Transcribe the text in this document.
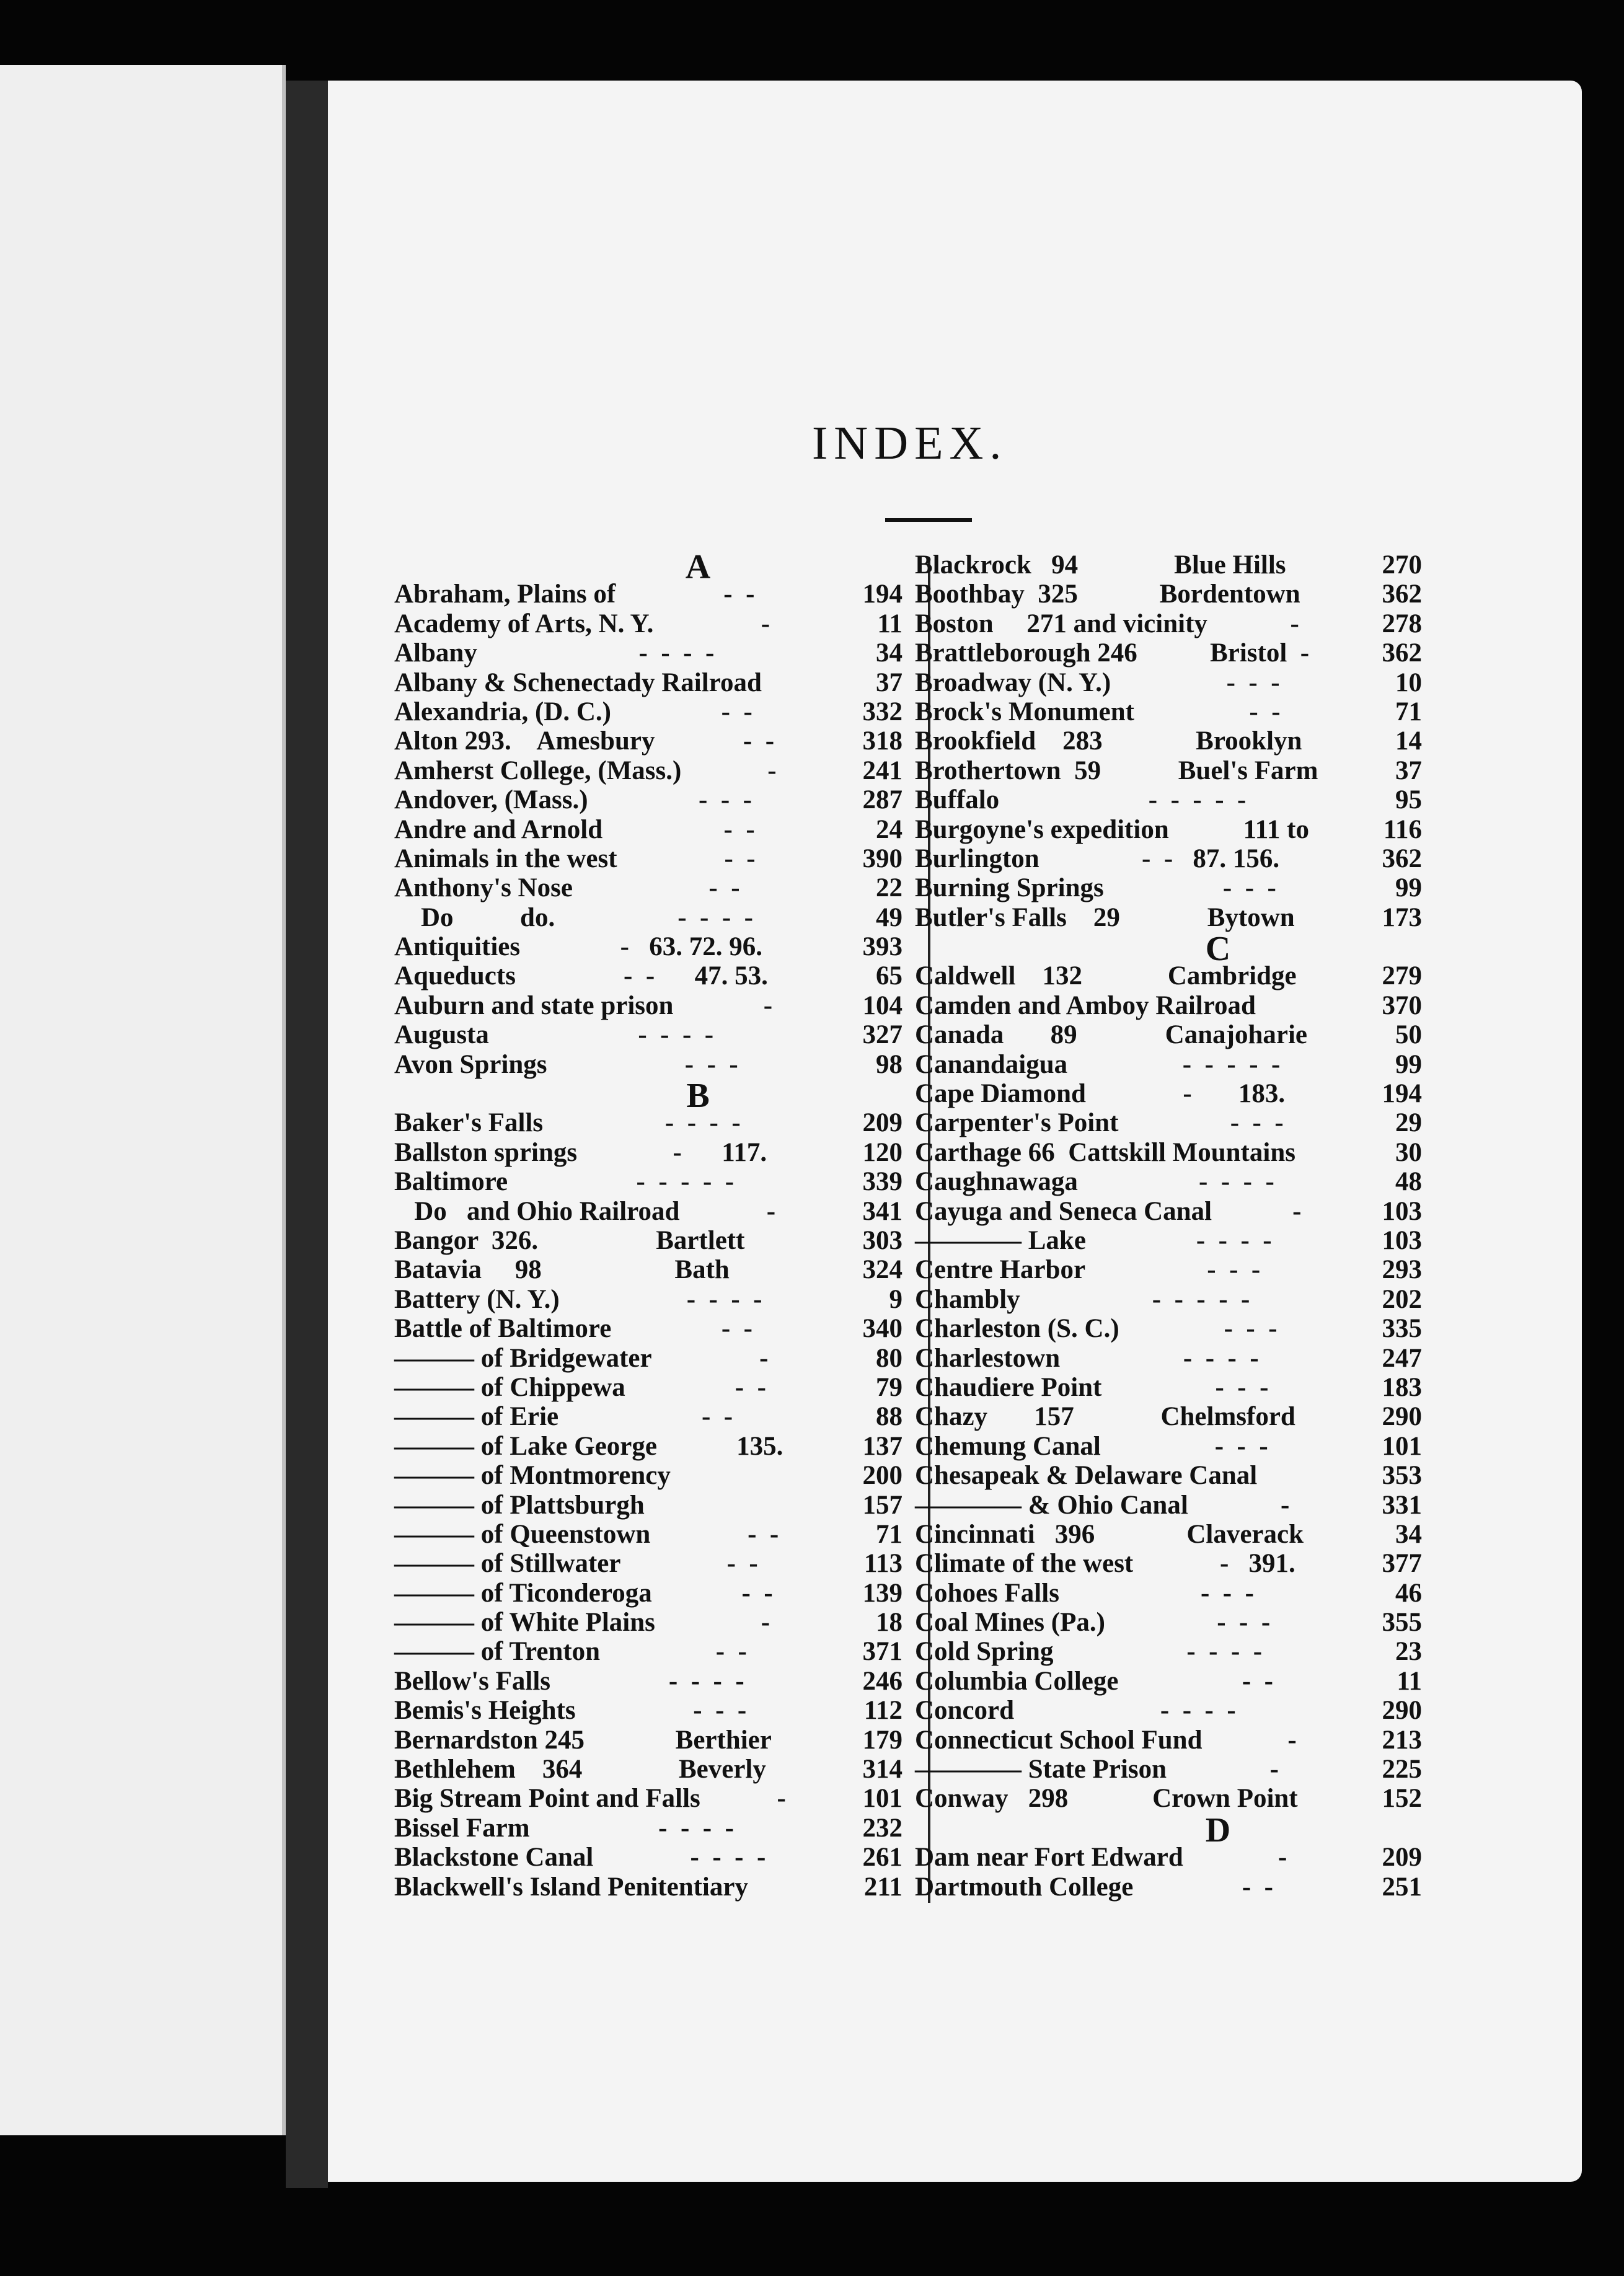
INDEX.
A
Abraham, Plains of	-  -	194
Academy of Arts, N. Y.	-	11
Albany	-  -  -  -	34
Albany & Schenectady Railroad	37
Alexandria, (D. C.)	-  -	332
Alton 293.    Amesbury	-  -	318
Amherst College, (Mass.)	-	241
Andover, (Mass.)	-  -  -	287
Andre and Arnold	-  -	24
Animals in the west	-  -	390
Anthony's Nose	-  -	22
Do          do.	-  -  -  -	49
Antiquities	-   63. 72. 96.	393
Aqueducts	-  -      47. 53.	65
Auburn and state prison	-	104
Augusta	-  -  -  -	327
Avon Springs	-  -  -	98
B
Baker's Falls	-  -  -  -	209
Ballston springs	-      117.	120
Baltimore	-  -  -  -  -	339
Do   and Ohio Railroad	-	341
Bangor  326.	Bartlett	303
Batavia     98	Bath	324
Battery (N. Y.)	-  -  -  -	9
Battle of Baltimore	-  -	340
——— of Bridgewater	-	80
——— of Chippewa	-  -	79
——— of Erie	-  -	88
——— of Lake George	135.	137
——— of Montmorency	200
——— of Plattsburgh	157
——— of Queenstown	-  -	71
——— of Stillwater	-  -	113
——— of Ticonderoga	-  -	139
——— of White Plains	-	18
——— of Trenton	-  -	371
Bellow's Falls	-  -  -  -	246
Bemis's Heights	-  -  -	112
Bernardston 245	Berthier	179
Bethlehem    364	Beverly	314
Big Stream Point and Falls	-	101
Bissel Farm	-  -  -  -	232
Blackstone Canal	-  -  -  -	261
Blackwell's Island Penitentiary	211
Blackrock   94	Blue Hills	270
Boothbay  325	Bordentown	362
Boston     271 and vicinity	-	278
Brattleborough 246	Bristol  -	362
Broadway (N. Y.)	-  -  -	10
Brock's Monument	-  -	71
Brookfield    283	Brooklyn	14
Brothertown  59	Buel's Farm	37
Buffalo	-  -  -  -  -	95
Burgoyne's expedition	111 to	116
Burlington	-  -   87. 156.	362
Burning Springs	-  -  -	99
Butler's Falls    29	Bytown	173
C
Caldwell    132	Cambridge	279
Camden and Amboy Railroad	370
Canada       89	Canajoharie	50
Canandaigua	-  -  -  -  -	99
Cape Diamond	-       183.	194
Carpenter's Point	-  -  -	29
Carthage 66  Cattskill Mountains	30
Caughnawaga	-  -  -  -	48
Cayuga and Seneca Canal	-	103
———— Lake	-  -  -  -	103
Centre Harbor	-  -  -	293
Chambly	-  -  -  -  -	202
Charleston (S. C.)	-  -  -	335
Charlestown	-  -  -  -	247
Chaudiere Point	-  -  -	183
Chazy       157	Chelmsford	290
Chemung Canal	-  -  -	101
Chesapeak & Delaware Canal	353
———— & Ohio Canal	-	331
Cincinnati   396	Claverack	34
Climate of the west	-   391.	377
Cohoes Falls	-  -  -	46
Coal Mines (Pa.)	-  -  -	355
Cold Spring	-  -  -  -	23
Columbia College	-  -	11
Concord	-  -  -  -	290
Connecticut School Fund	-	213
———— State Prison	-	225
Conway   298	Crown Point	152
D
Dam near Fort Edward	-	209
Dartmouth College	-  -	251
